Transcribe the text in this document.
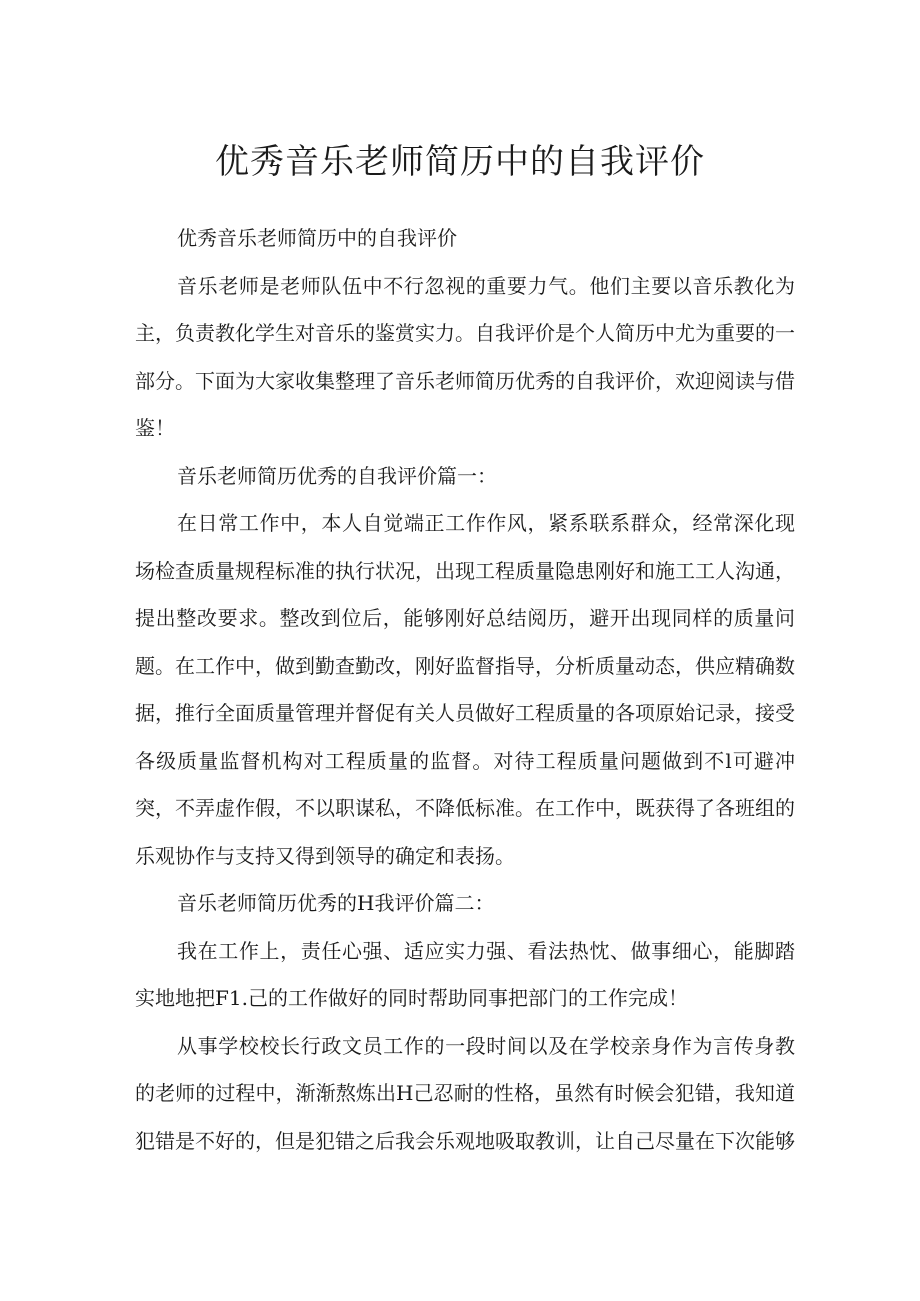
优秀音乐老师简历中的自我评价

优秀音乐老师简历中的自我评价

音乐老师是老师队伍中不行忽视的重要力气。他们主要以音乐教化为主，负责教化学生对音乐的鉴赏实力。自我评价是个人简历中尤为重要的一部分。下面为大家收集整理了音乐老师简历优秀的自我评价，欢迎阅读与借鉴！

音乐老师简历优秀的自我评价篇一：

在日常工作中，本人自觉端正工作作风，紧系联系群众，经常深化现场检查质量规程标准的执行状况，出现工程质量隐患刚好和施工工人沟通，提出整改要求。整改到位后，能够刚好总结阅历，避开出现同样的质量问题。在工作中，做到勤查勤改，刚好监督指导，分析质量动态，供应精确数据，推行全面质量管理并督促有关人员做好工程质量的各项原始记录，接受各级质量监督机构对工程质量的监督。对待工程质量问题做到不l可避冲突，不弄虚作假，不以职谋私，不降低标准。在工作中，既获得了各班组的乐观协作与支持又得到领导的确定和表扬。

音乐老师简历优秀的H我评价篇二：

我在工作上，责任心强、适应实力强、看法热忱、做事细心，能脚踏实地地把F1.己的工作做好的同时帮助同事把部门的工作完成！

从事学校校长行政文员工作的一段时间以及在学校亲身作为言传身教的老师的过程中，渐渐熬炼出H己忍耐的性格，虽然有时候会犯错，我知道犯错是不好的，但是犯错之后我会乐观地吸取教训，让自己尽量在下次能够
